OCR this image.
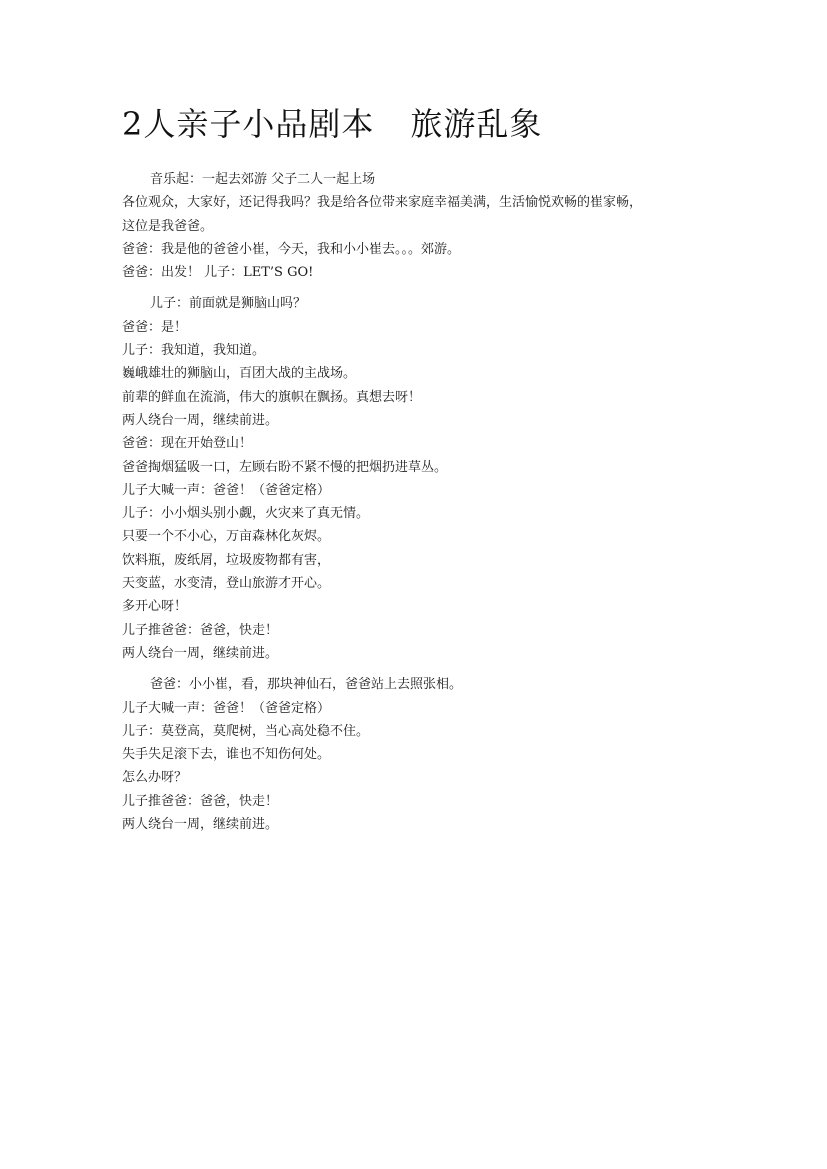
2人亲子小品剧本 旅游乱象
音乐起：一起去郊游 父子二人一起上场
各位观众，大家好，还记得我吗？我是给各位带来家庭幸福美满，生活愉悦欢畅的崔家畅，
这位是我爸爸。
爸爸：我是他的爸爸小崔，今天，我和小小崔去。。。郊游。
爸爸：出发！ 儿子：LET’S GO!
儿子：前面就是狮脑山吗？
爸爸：是！
儿子：我知道，我知道。
巍峨雄壮的狮脑山，百团大战的主战场。
前辈的鲜血在流淌，伟大的旗帜在飘扬。真想去呀！
两人绕台一周，继续前进。
爸爸：现在开始登山！
爸爸掏烟猛吸一口，左顾右盼不紧不慢的把烟扔进草丛。
儿子大喊一声：爸爸！（爸爸定格）
儿子：小小烟头别小觑，火灾来了真无情。
只要一个不小心，万亩森林化灰烬。
饮料瓶，废纸屑，垃圾废物都有害，
天变蓝，水变清，登山旅游才开心。
多开心呀！
儿子推爸爸：爸爸，快走！
两人绕台一周，继续前进。
爸爸：小小崔，看，那块神仙石，爸爸站上去照张相。
儿子大喊一声：爸爸！（爸爸定格）
儿子：莫登高，莫爬树，当心高处稳不住。
失手失足滚下去，谁也不知伤何处。
怎么办呀？
儿子推爸爸：爸爸，快走！
两人绕台一周，继续前进。
